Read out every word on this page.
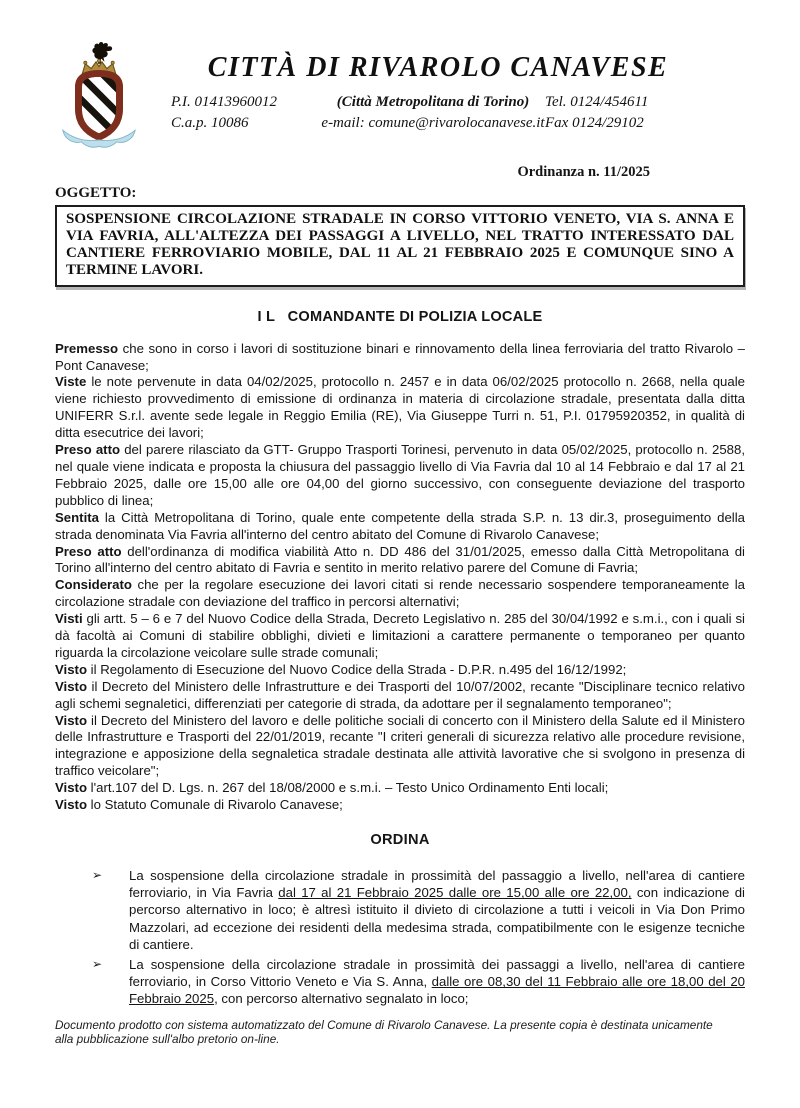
CITTÀ DI RIVAROLO CANAVESE
P.I. 01413960012	(Città Metropolitana di Torino)	Tel. 0124/454611
C.a.p. 10086	e-mail: comune@rivarolocanavese.it Fax 0124/29102
Ordinanza n. 11/2025
OGGETTO:
SOSPENSIONE CIRCOLAZIONE STRADALE IN CORSO VITTORIO VENETO, VIA S. ANNA E VIA FAVRIA, ALL'ALTEZZA DEI PASSAGGI A LIVELLO, NEL TRATTO INTERESSATO DAL CANTIERE FERROVIARIO MOBILE, DAL 11 AL 21 FEBBRAIO 2025 E COMUNQUE SINO A TERMINE LAVORI.
I L   COMANDANTE DI POLIZIA LOCALE
Premesso che sono in corso i lavori di sostituzione binari e rinnovamento della linea ferroviaria del tratto Rivarolo – Pont Canavese;
Viste le note pervenute in data 04/02/2025, protocollo n. 2457 e in data 06/02/2025 protocollo n. 2668, nella quale viene richiesto provvedimento di emissione di ordinanza in materia di circolazione stradale, presentata dalla ditta UNIFERR S.r.l. avente sede legale in Reggio Emilia (RE), Via Giuseppe Turri n. 51, P.I. 01795920352, in qualità di ditta esecutrice dei lavori;
Preso atto del parere rilasciato da GTT- Gruppo Trasporti Torinesi, pervenuto in data 05/02/2025, protocollo n. 2588, nel quale viene indicata e proposta la chiusura del passaggio livello di Via Favria dal 10 al 14 Febbraio e dal 17 al 21 Febbraio 2025, dalle ore 15,00 alle ore 04,00 del giorno successivo, con conseguente deviazione del trasporto pubblico di linea;
Sentita la Città Metropolitana di Torino, quale ente competente della strada S.P. n. 13 dir.3, proseguimento della strada denominata Via Favria all'interno del centro abitato del Comune di Rivarolo Canavese;
Preso atto dell'ordinanza di modifica viabilità Atto n. DD 486 del 31/01/2025, emesso dalla Città Metropolitana di Torino all'interno del centro abitato di Favria e sentito in merito relativo parere del Comune di Favria;
Considerato che per la regolare esecuzione dei lavori citati si rende necessario sospendere temporaneamente la circolazione stradale con deviazione del traffico in percorsi alternativi;
Visti gli artt. 5 – 6 e 7 del Nuovo Codice della Strada, Decreto Legislativo n. 285 del 30/04/1992 e s.m.i., con i quali si dà facoltà ai Comuni di stabilire obblighi, divieti e limitazioni a carattere permanente o temporaneo per quanto riguarda la circolazione veicolare sulle strade comunali;
Visto il Regolamento di Esecuzione del Nuovo Codice della Strada - D.P.R. n.495 del 16/12/1992;
Visto il Decreto del Ministero delle Infrastrutture e dei Trasporti del 10/07/2002, recante "Disciplinare tecnico relativo agli schemi segnaletici, differenziati per categorie di strada, da adottare per il segnalamento temporaneo";
Visto il Decreto del Ministero del lavoro e delle politiche sociali di concerto con il Ministero della Salute ed il Ministero delle Infrastrutture e Trasporti del 22/01/2019, recante "I criteri generali di sicurezza relativo alle procedure revisione, integrazione e apposizione della segnaletica stradale destinata alle attività lavorative che si svolgono in presenza di traffico veicolare";
Visto l'art.107 del D. Lgs. n. 267 del 18/08/2000 e s.m.i. – Testo Unico Ordinamento Enti locali;
Visto lo Statuto Comunale di Rivarolo Canavese;
ORDINA
➢ La sospensione della circolazione stradale in prossimità del passaggio a livello, nell'area di cantiere ferroviario, in Via Favria dal 17 al 21 Febbraio 2025 dalle ore 15,00 alle ore 22,00, con indicazione di percorso alternativo in loco; è altresì istituito il divieto di circolazione a tutti i veicoli in Via Don Primo Mazzolari, ad eccezione dei residenti della medesima strada, compatibilmente con le esigenze tecniche di cantiere.
➢ La sospensione della circolazione stradale in prossimità dei passaggi a livello, nell'area di cantiere ferroviario, in Corso Vittorio Veneto e Via S. Anna, dalle ore 08,30 del 11 Febbraio alle ore 18,00 del 20 Febbraio 2025, con percorso alternativo segnalato in loco;
Documento prodotto con sistema automatizzato del Comune di Rivarolo Canavese. La presente copia è destinata unicamente alla pubblicazione sull'albo pretorio on-line.
